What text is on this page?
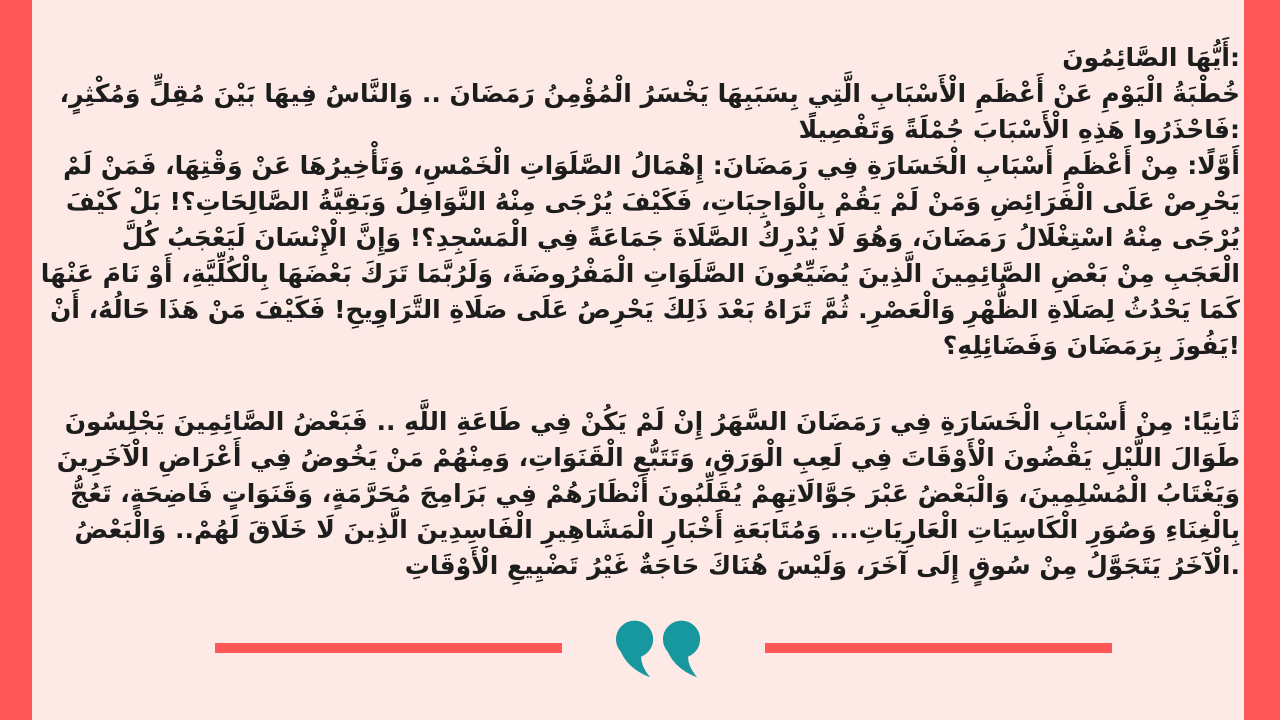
أَيُّهَا الصَّائِمُونَ:

خُطْبَةُ الْيَوْمِ عَنْ أَعْظَمِ الْأَسْبَابِ الَّتِي بِسَبَبِهَا يَخْسَرُ الْمُؤْمِنُ رَمَضَانَ .. وَالنَّاسُ فِيهَا بَيْنَ مُقِلٍّ وَمُكْثِرٍ، فَاحْذَرُوا هَذِهِ الْأَسْبَابَ جُمْلَةً وَتَفْصِيلًا:

أَوَّلًا: مِنْ أَعْظَمِ أَسْبَابِ الْخَسَارَةِ فِي رَمَضَانَ: إِهْمَالُ الصَّلَوَاتِ الْخَمْسِ، وَتَأْخِيرُهَا عَنْ وَقْتِهَا، فَمَنْ لَمْ يَحْرِصْ عَلَى الْفَرَائِضِ وَمَنْ لَمْ يَقُمْ بِالْوَاجِبَاتِ، فَكَيْفَ يُرْجَى مِنْهُ النَّوَافِلُ وَبَقِيَّةُ الصَّالِحَاتِ؟! بَلْ كَيْفَ يُرْجَى مِنْهُ اسْتِغْلَالُ رَمَضَانَ، وَهُوَ لَا يُدْرِكُ الصَّلَاةَ جَمَاعَةً فِي الْمَسْجِدِ؟! وَإِنَّ الْإِنْسَانَ لَيَعْجَبُ كُلَّ الْعَجَبِ مِنْ بَعْضِ الصَّائِمِينَ الَّذِينَ يُضَيِّعُونَ الصَّلَوَاتِ الْمَفْرُوضَةَ، وَلَرُبَّمَا تَرَكَ بَعْضَهَا بِالْكُلِّيَّةِ، أَوْ نَامَ عَنْهَا كَمَا يَحْدُثُ لِصَلَاةِ الظُّهْرِ وَالْعَصْرِ. ثُمَّ تَرَاهُ بَعْدَ ذَلِكَ يَحْرِصُ عَلَى صَلَاةِ التَّرَاوِيحِ! فَكَيْفَ مَنْ هَذَا حَالُهُ، أَنْ يَفُوزَ بِرَمَضَانَ وَفَضَائِلِهِ؟!

ثَانِيًا: مِنْ أَسْبَابِ الْخَسَارَةِ فِي رَمَضَانَ السَّهَرُ إِنْ لَمْ يَكُنْ فِي طَاعَةِ اللَّهِ .. فَبَعْضُ الصَّائِمِينَ يَجْلِسُونَ طَوَالَ اللَّيْلِ يَقْضُونَ الْأَوْقَاتَ فِي لَعِبِ الْوَرَقِ، وَتَتَبُّعِ الْقَنَوَاتِ، وَمِنْهُمْ مَنْ يَخُوضُ فِي أَعْرَاضِ الْآخَرِينَ وَيَغْتَابُ الْمُسْلِمِينَ، وَالْبَعْضُ عَبْرَ جَوَّالَاتِهِمْ يُقَلِّبُونَ أَنْظَارَهُمْ فِي بَرَامِجَ مُحَرَّمَةٍ، وَقَنَوَاتٍ فَاضِحَةٍ، تَعُجُّ بِالْغِنَاءِ وَصُوَرِ الْكَاسِيَاتِ الْعَارِيَاتِ... وَمُتَابَعَةِ أَخْبَارِ الْمَشَاهِيرِ الْفَاسِدِينَ الَّذِينَ لَا خَلَاقَ لَهُمْ.. وَالْبَعْضُ الْآخَرُ يَتَجَوَّلُ مِنْ سُوقٍ إِلَى آخَرَ، وَلَيْسَ هُنَاكَ حَاجَةٌ غَيْرُ تَضْيِيعِ الْأَوْقَاتِ.
